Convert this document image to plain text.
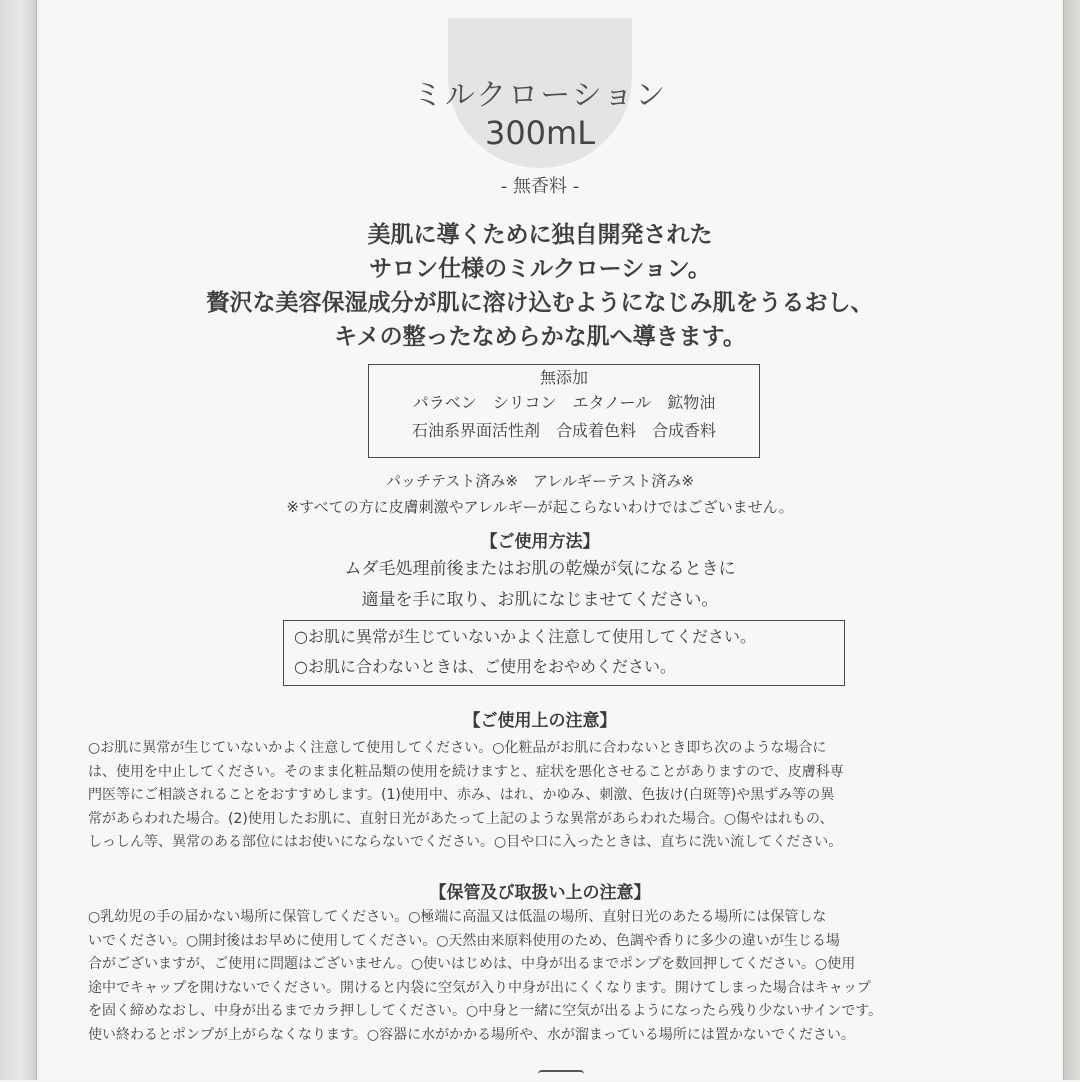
ミルクローション
300mL
- 無香料 -
美肌に導くために独自開発された
サロン仕様のミルクローション。
贅沢な美容保湿成分が肌に溶け込むようになじみ肌をうるおし、
キメの整ったなめらかな肌へ導きます。
無添加
パラベン　シリコン　エタノール　鉱物油
石油系界面活性剤　合成着色料　合成香料
パッチテスト済み※　アレルギーテスト済み※
※すべての方に皮膚刺激やアレルギーが起こらないわけではございません。
【ご使用方法】
ムダ毛処理前後またはお肌の乾燥が気になるときに
適量を手に取り、お肌になじませてください。
○お肌に異常が生じていないかよく注意して使用してください。
○お肌に合わないときは、ご使用をおやめください。
【ご使用上の注意】
○お肌に異常が生じていないかよく注意して使用してください。○化粧品がお肌に合わないとき即ち次のような場合に
は、使用を中止してください。そのまま化粧品類の使用を続けますと、症状を悪化させることがありますので、皮膚科専
門医等にご相談されることをおすすめします。(1)使用中、赤み、はれ、かゆみ、刺激、色抜け(白斑等)や黒ずみ等の異
常があらわれた場合。(2)使用したお肌に、直射日光があたって上記のような異常があらわれた場合。○傷やはれもの、
しっしん等、異常のある部位にはお使いにならないでください。○目や口に入ったときは、直ちに洗い流してください。
【保管及び取扱い上の注意】
○乳幼児の手の届かない場所に保管してください。○極端に高温又は低温の場所、直射日光のあたる場所には保管しな
いでください。○開封後はお早めに使用してください。○天然由来原料使用のため、色調や香りに多少の違いが生じる場
合がございますが、ご使用に問題はございません。○使いはじめは、中身が出るまでポンプを数回押してください。○使用
途中でキャップを開けないでください。開けると内袋に空気が入り中身が出にくくなります。開けてしまった場合はキャップ
を固く締めなおし、中身が出るまでカラ押ししてください。○中身と一緒に空気が出るようになったら残り少ないサインです。
使い終わるとポンプが上がらなくなります。○容器に水がかかる場所や、水が溜まっている場所には置かないでください。
